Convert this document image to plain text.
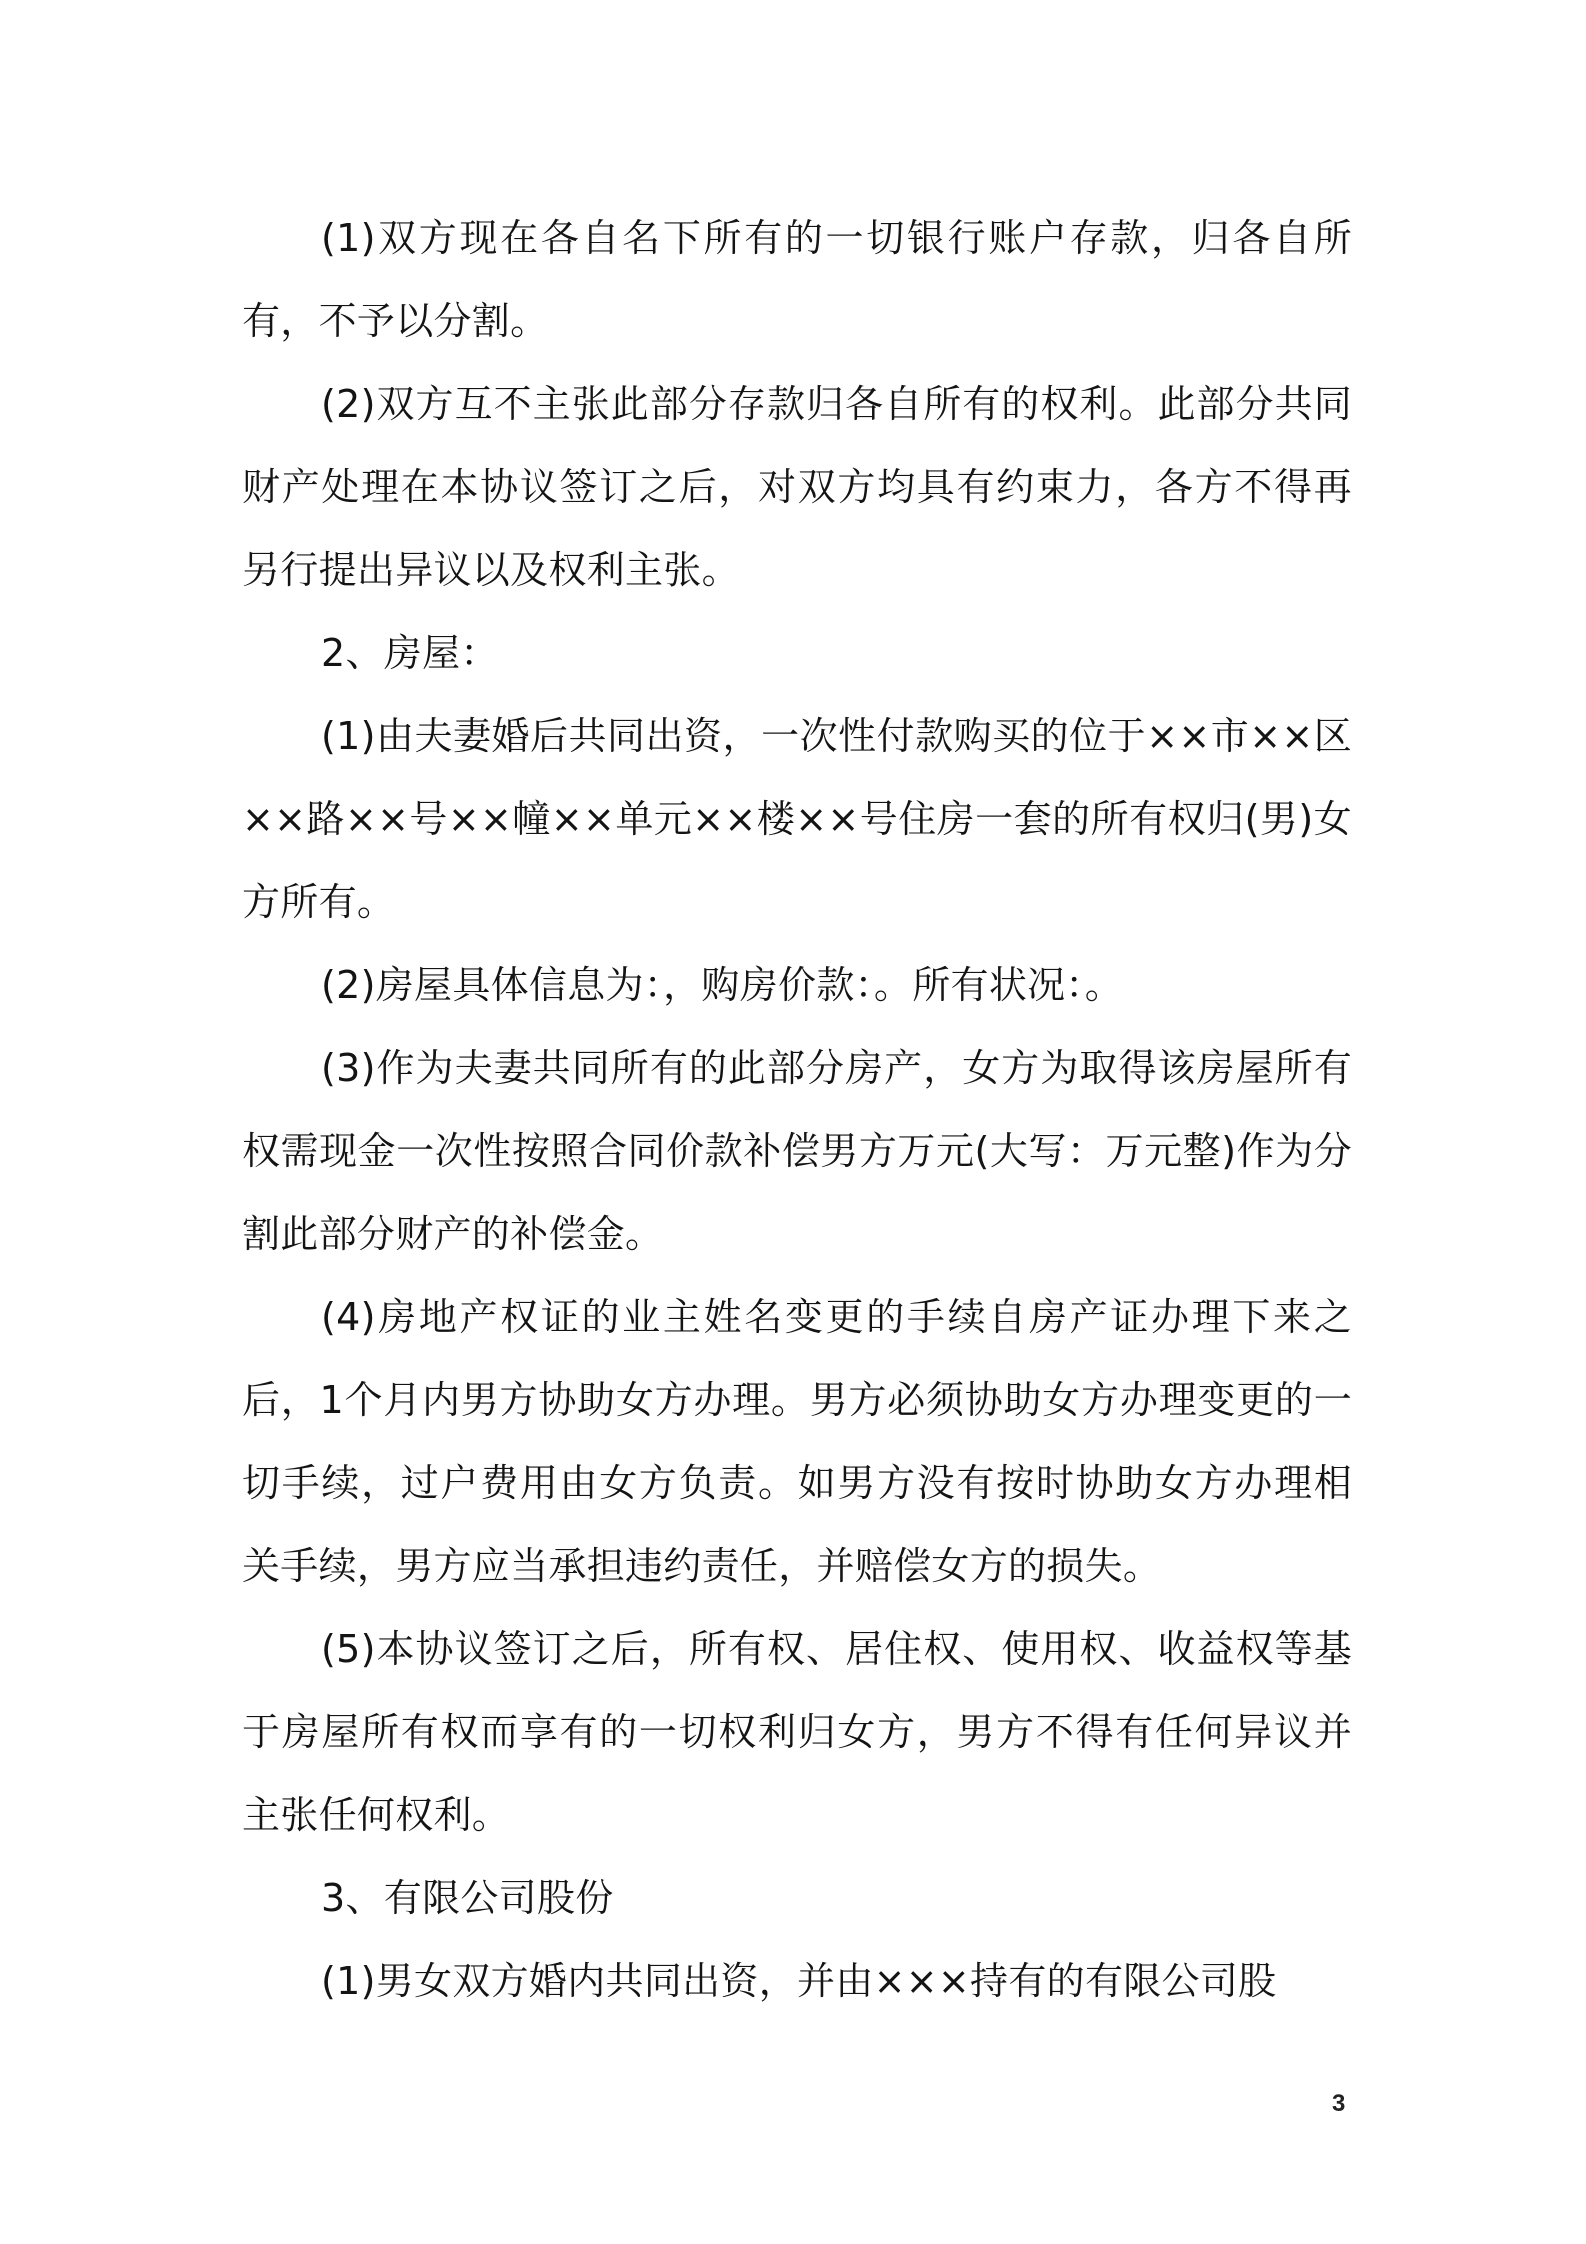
(1)双方现在各自名下所有的一切银行账户存款，归各自所有，不予以分割。

(2)双方互不主张此部分存款归各自所有的权利。此部分共同财产处理在本协议签订之后，对双方均具有约束力，各方不得再另行提出异议以及权利主张。

2、房屋：

(1)由夫妻婚后共同出资，一次性付款购买的位于××市××区××路××号××幢××单元××楼××号住房一套的所有权归(男)女方所有。

(2)房屋具体信息为：，购房价款：。所有状况：。

(3)作为夫妻共同所有的此部分房产，女方为取得该房屋所有权需现金一次性按照合同价款补偿男方万元(大写：万元整)作为分割此部分财产的补偿金。

(4)房地产权证的业主姓名变更的手续自房产证办理下来之后，1个月内男方协助女方办理。男方必须协助女方办理变更的一切手续，过户费用由女方负责。如男方没有按时协助女方办理相关手续，男方应当承担违约责任，并赔偿女方的损失。

(5)本协议签订之后，所有权、居住权、使用权、收益权等基于房屋所有权而享有的一切权利归女方，男方不得有任何异议并主张任何权利。

3、有限公司股份

(1)男女双方婚内共同出资，并由×××持有的有限公司股

3
